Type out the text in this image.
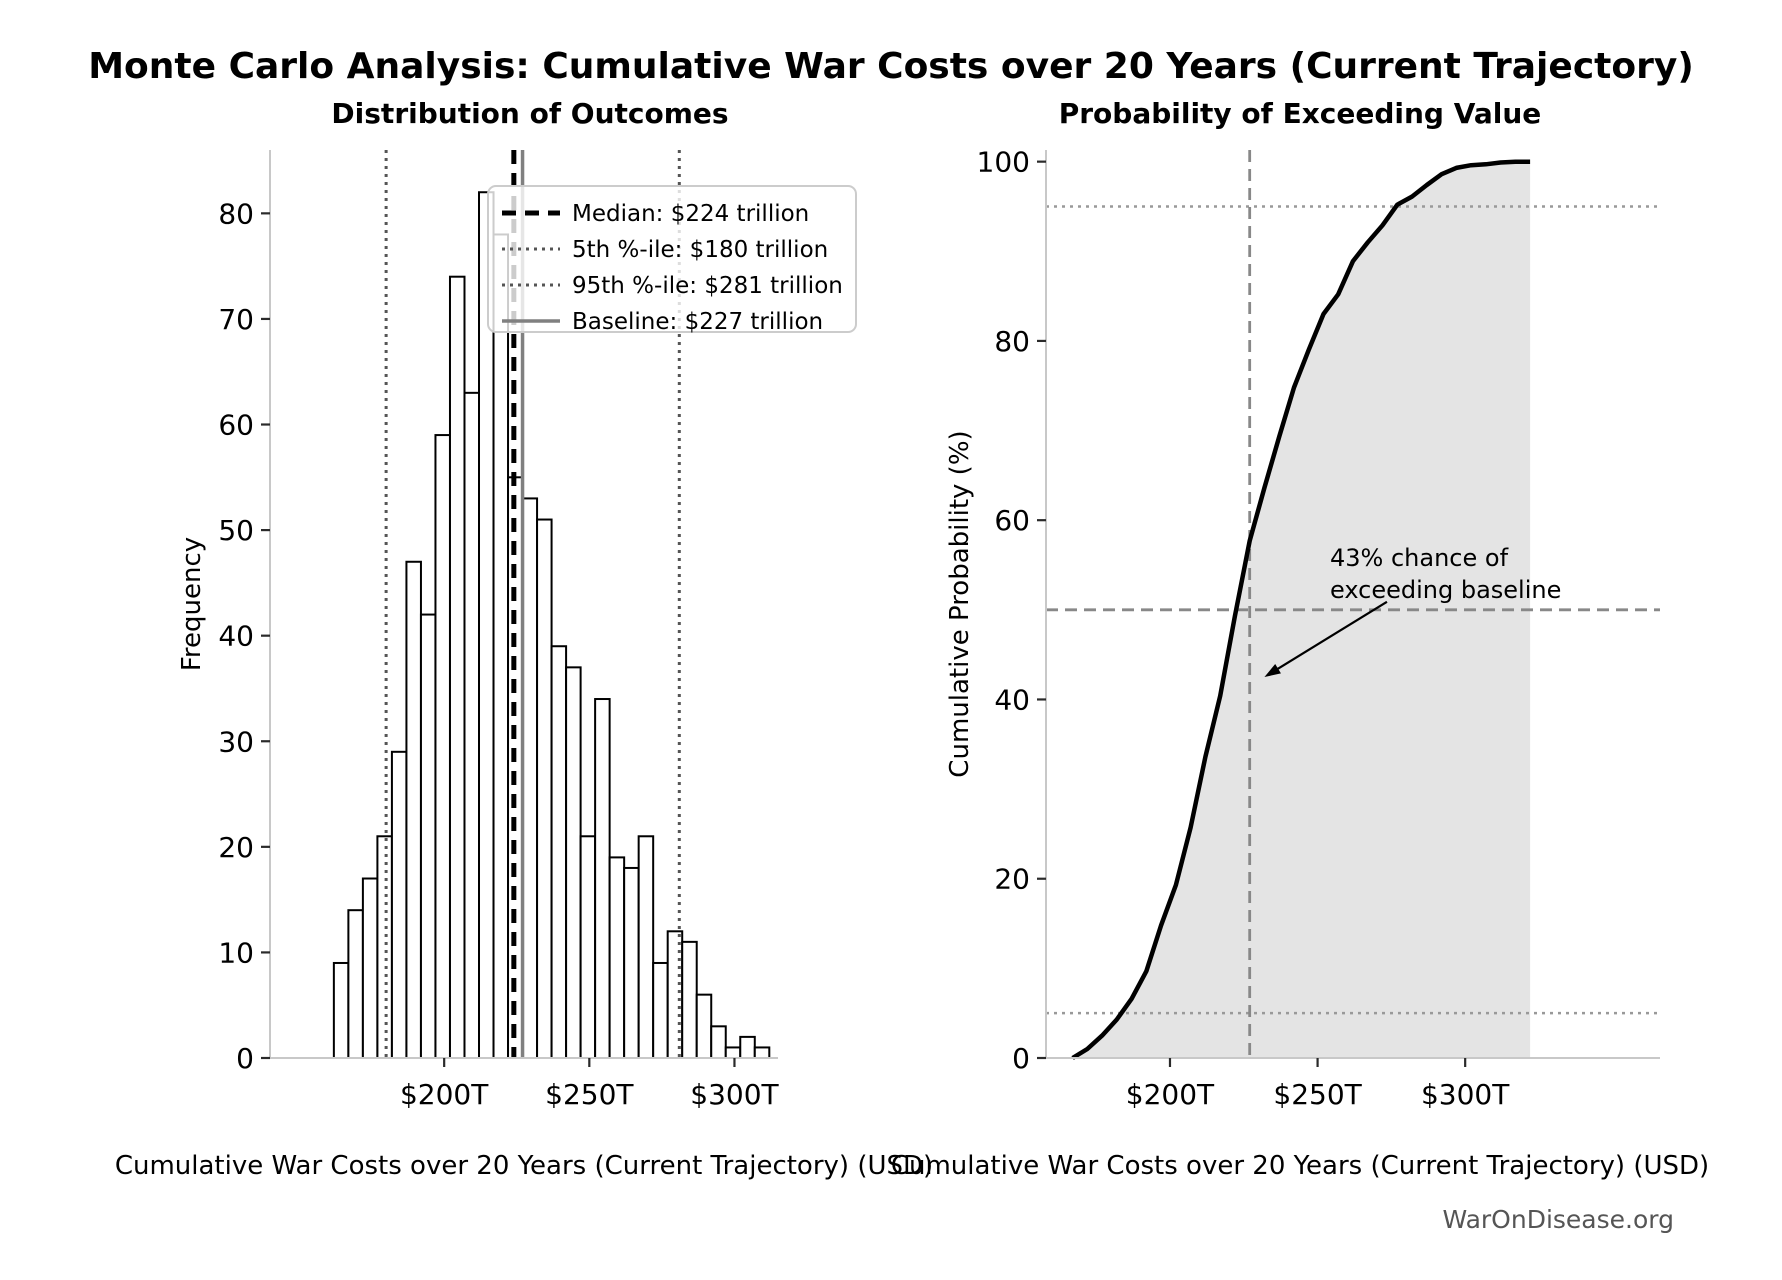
0
10
20
30
40
50
60
70
80
$200T $250T $300T
0
20
40
60
80
100
$200T $250T $300T
Monte Carlo Analysis: Cumulative War Costs over 20 Years (Current Trajectory)
Distribution of Outcomes	Probability of Exceeding Value
Cumulative War Costs over 20 Years (Current Trajectory) (USD)
Cumulative War Costs over 20 Years (Current Trajectory) (USD)
Frequency	Cumulative Probability (%)
Median: $224 trillion
5th %-ile: $180 trillion
95th %-ile: $281 trillion
Baseline: $227 trillion
43% chance of
exceeding baseline
WarOnDisease.org
